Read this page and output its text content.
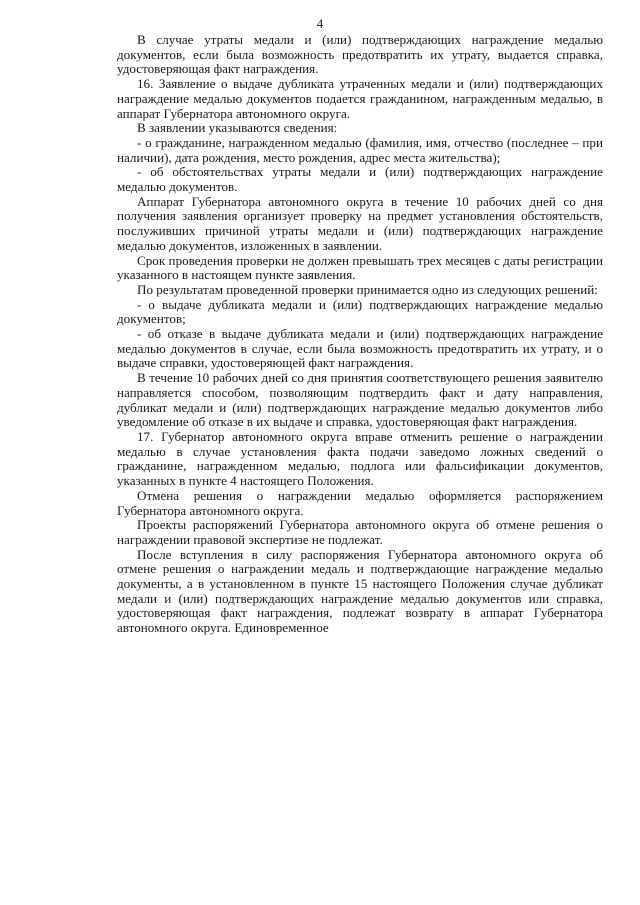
4

В случае утраты медали и (или) подтверждающих награждение медалью документов, если была возможность предотвратить их утрату, выдается справка, удостоверяющая факт награждения.

16. Заявление о выдаче дубликата утраченных медали и (или) подтверждающих награждение медалью документов подается гражданином, награжденным медалью, в аппарат Губернатора автономного округа.

В заявлении указываются сведения:

- о гражданине, награжденном медалью (фамилия, имя, отчество (последнее – при наличии), дата рождения, место рождения, адрес места жительства);

- об обстоятельствах утраты медали и (или) подтверждающих награждение медалью документов.

Аппарат Губернатора автономного округа в течение 10 рабочих дней со дня получения заявления организует проверку на предмет установления обстоятельств, послуживших причиной утраты медали и (или) подтверждающих награждение медалью документов, изложенных в заявлении.

Срок проведения проверки не должен превышать трех месяцев с даты регистрации указанного в настоящем пункте заявления.

По результатам проведенной проверки принимается одно из следующих решений:

- о выдаче дубликата медали и (или) подтверждающих награждение медалью документов;

- об отказе в выдаче дубликата медали и (или) подтверждающих награждение медалью документов в случае, если была возможность предотвратить их утрату, и о выдаче справки, удостоверяющей факт награждения.

В течение 10 рабочих дней со дня принятия соответствующего решения заявителю направляется способом, позволяющим подтвердить факт и дату направления, дубликат медали и (или) подтверждающих награждение медалью документов либо уведомление об отказе в их выдаче и справка, удостоверяющая факт награждения.

17. Губернатор автономного округа вправе отменить решение о награждении медалью в случае установления факта подачи заведомо ложных сведений о гражданине, награжденном медалью, подлога или фальсификации документов, указанных в пункте 4 настоящего Положения.

Отмена решения о награждении медалью оформляется распоряжением Губернатора автономного округа.

Проекты распоряжений Губернатора автономного округа об отмене решения о награждении правовой экспертизе не подлежат.

После вступления в силу распоряжения Губернатора автономного округа об отмене решения о награждении медаль и подтверждающие награждение медалью документы, а в установленном в пункте 15 настоящего Положения случае дубликат медали и (или) подтверждающих награждение медалью документов или справка, удостоверяющая факт награждения, подлежат возврату в аппарат Губернатора автономного округа. Единовременное
